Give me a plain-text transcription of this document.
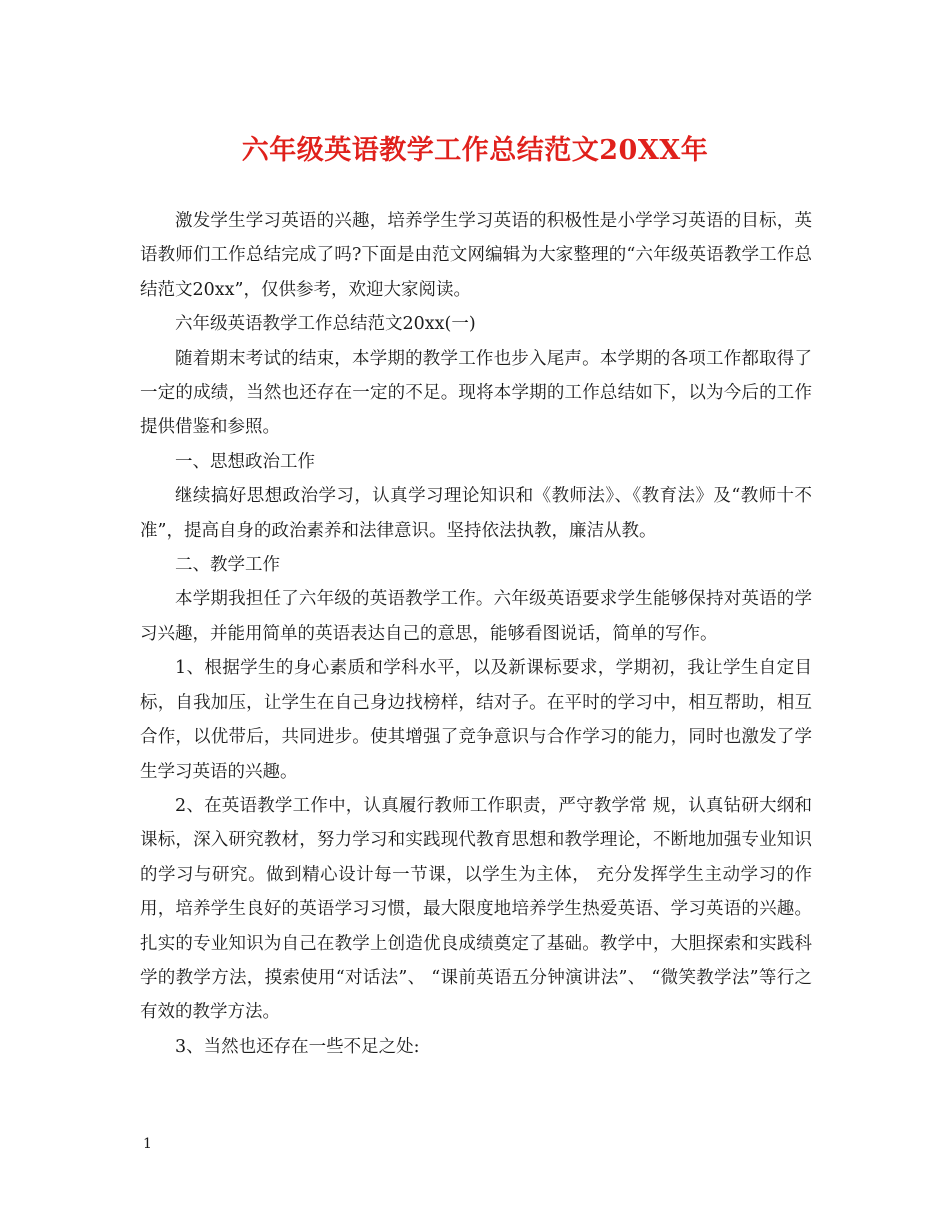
六年级英语教学工作总结范文20XX年

激发学生学习英语的兴趣，培养学生学习英语的积极性是小学学习英语的目标，英语教师们工作总结完成了吗?下面是由范文网编辑为大家整理的“六年级英语教学工作总结范文20xx”，仅供参考，欢迎大家阅读。

六年级英语教学工作总结范文20xx(一)

随着期末考试的结束，本学期的教学工作也步入尾声。本学期的各项工作都取得了一定的成绩，当然也还存在一定的不足。现将本学期的工作总结如下，以为今后的工作提供借鉴和参照。

一、思想政治工作

继续搞好思想政治学习，认真学习理论知识和《教师法》、《教育法》及“教师十不准”，提高自身的政治素养和法律意识。坚持依法执教，廉洁从教。

二、教学工作

本学期我担任了六年级的英语教学工作。六年级英语要求学生能够保持对英语的学习兴趣，并能用简单的英语表达自己的意思，能够看图说话，简单的写作。

1、根据学生的身心素质和学科水平，以及新课标要求，学期初，我让学生自定目标，自我加压，让学生在自己身边找榜样，结对子。在平时的学习中，相互帮助，相互合作，以优带后，共同进步。使其增强了竞争意识与合作学习的能力，同时也激发了学生学习英语的兴趣。

2、在英语教学工作中，认真履行教师工作职责，严守教学常 规，认真钻研大纲和课标，深入研究教材，努力学习和实践现代教育思想和教学理论，不断地加强专业知识的学习与研究。做到精心设计每一节课，以学生为主体， 充分发挥学生主动学习的作用，培养学生良好的英语学习习惯，最大限度地培养学生热爱英语、学习英语的兴趣。扎实的专业知识为自己在教学上创造优良成绩奠定了基础。教学中，大胆探索和实践科学的教学方法，摸索使用“对话法”、 “课前英语五分钟演讲法”、 “微笑教学法”等行之有效的教学方法。

3、当然也还存在一些不足之处:

1
